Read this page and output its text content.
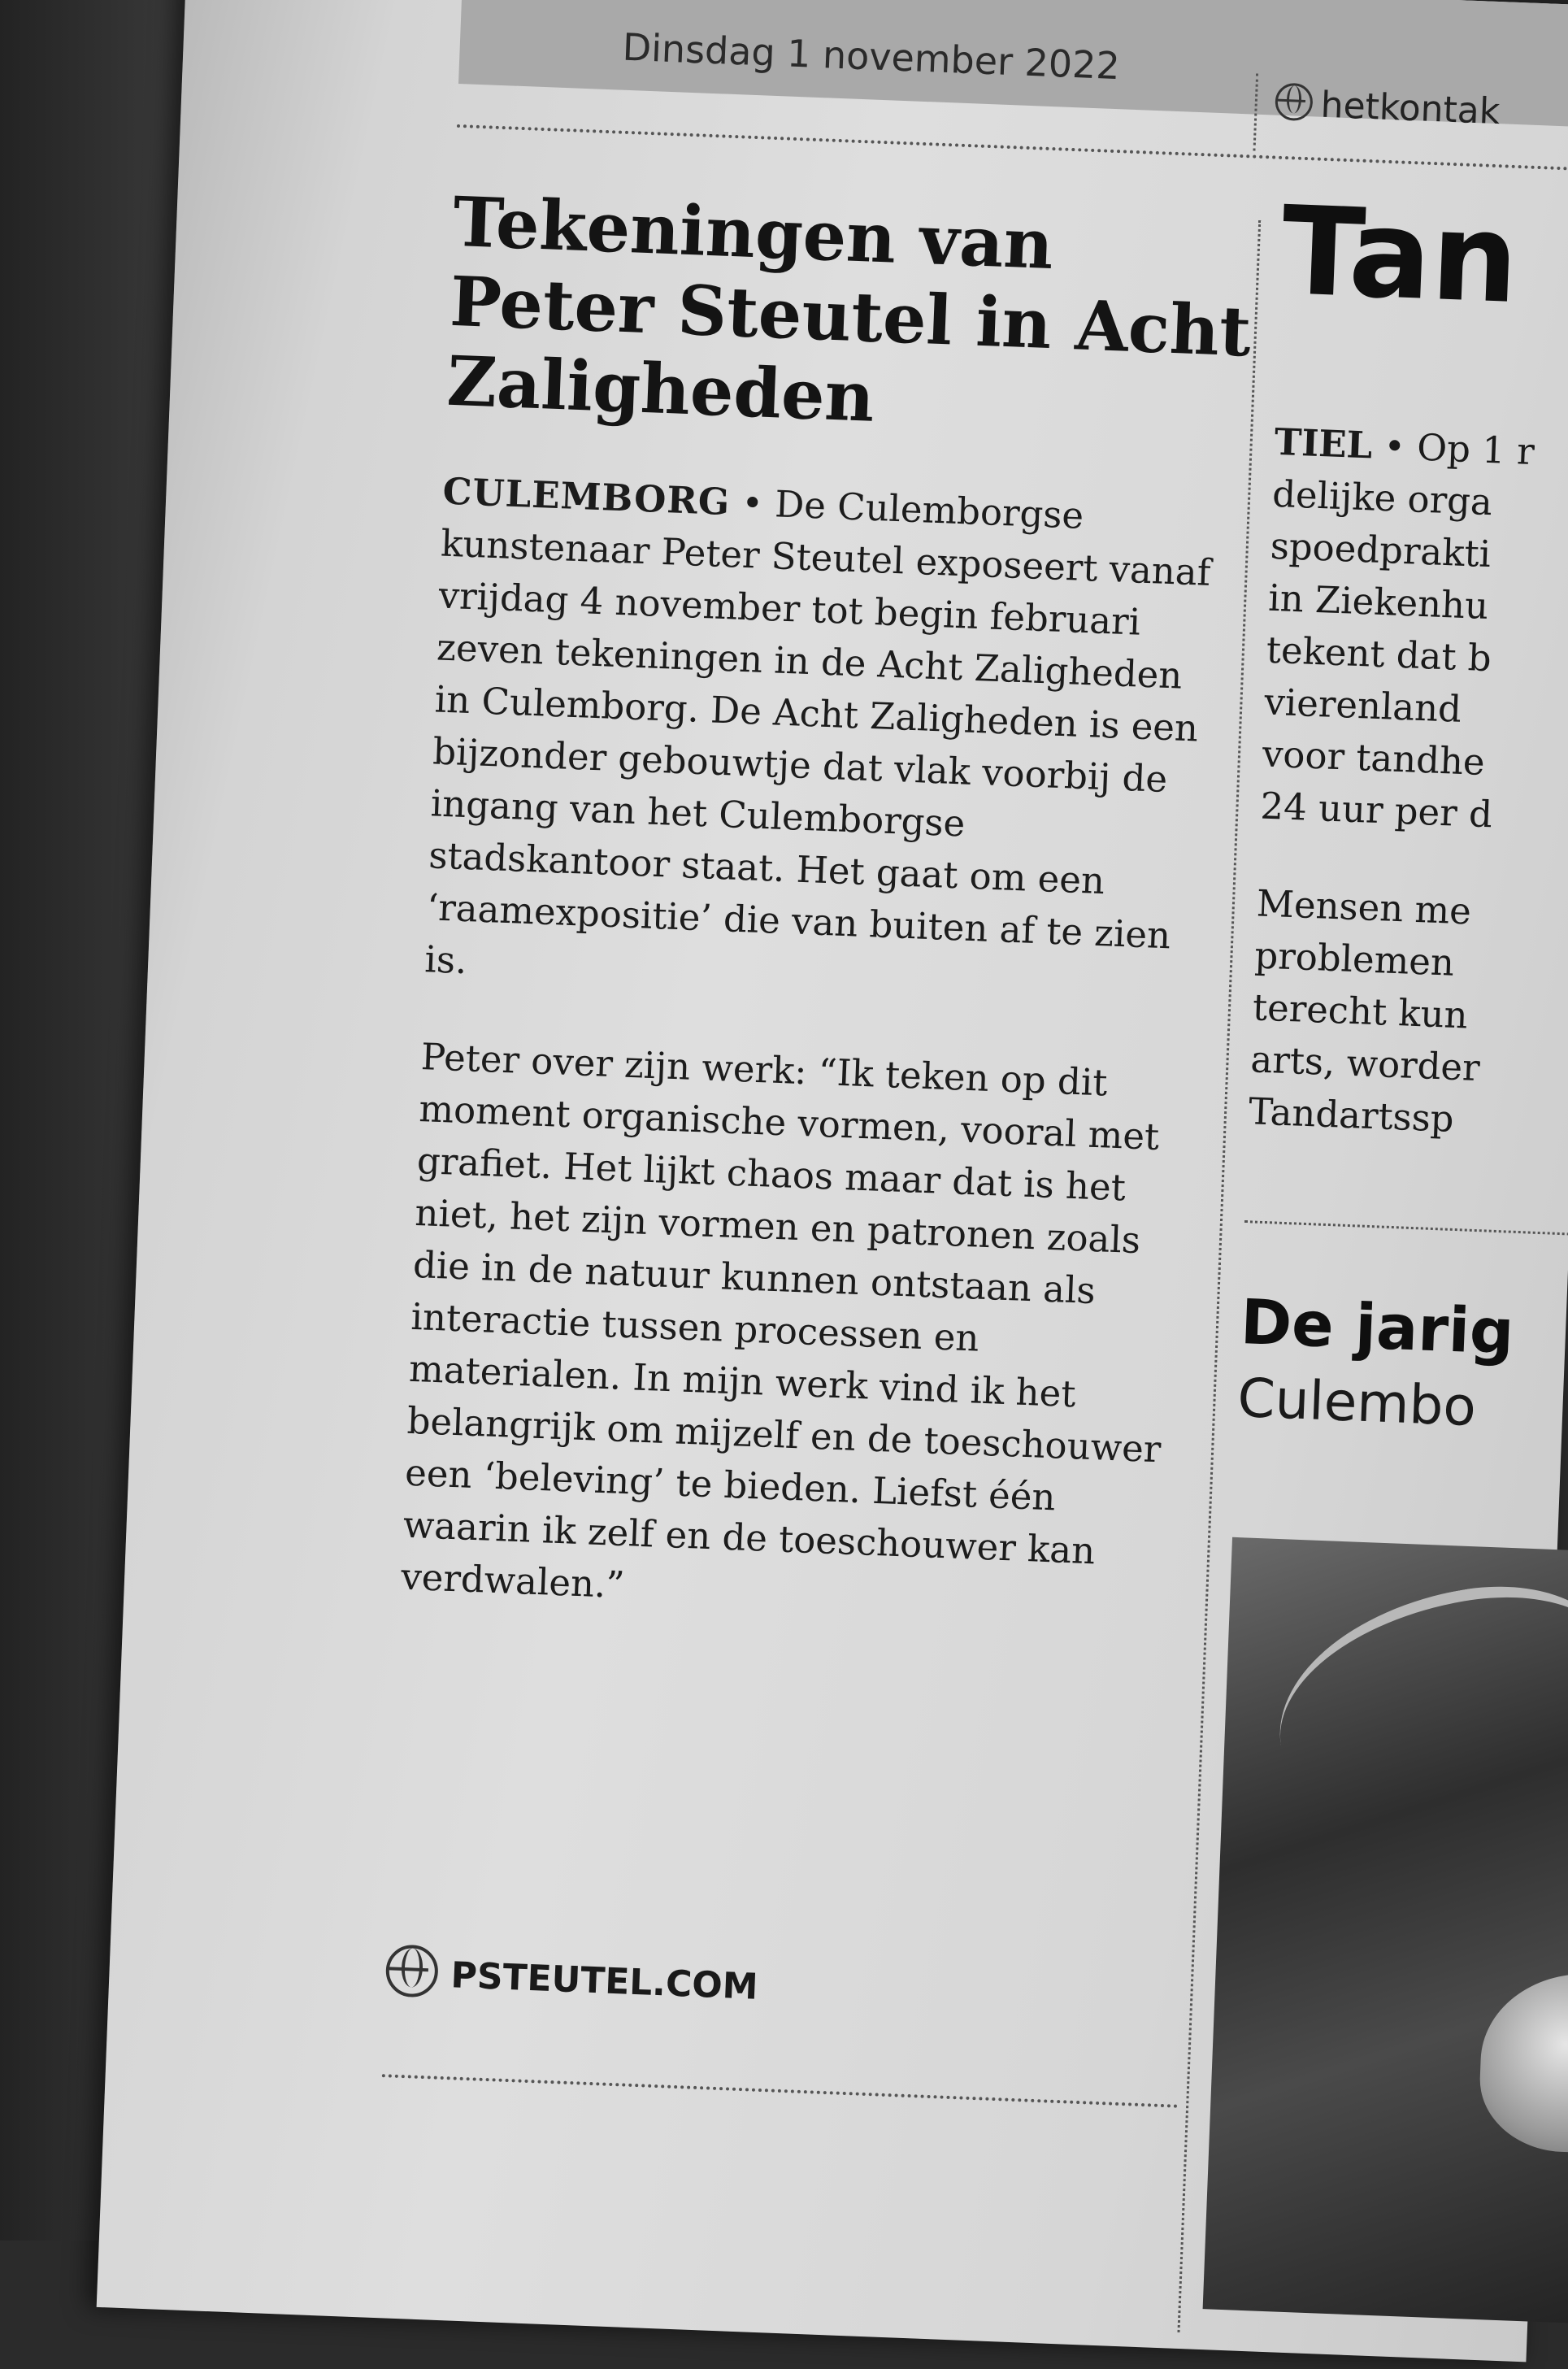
Dinsdag 1 november 2022
hetkontak
Tekeningen van Peter Steutel in Acht Zaligheden

CULEMBORG • De Culemborgse kunstenaar Peter Steutel exposeert vanaf vrijdag 4 november tot begin februari zeven tekeningen in de Acht Zaligheden in Culemborg. De Acht Zaligheden is een bijzonder gebouwtje dat vlak voorbij de ingang van het Culemborgse stadskantoor staat. Het gaat om een ‘raamexpositie’ die van buiten af te zien is.

Peter over zijn werk: “Ik teken op dit moment organische vormen, vooral met grafiet. Het lijkt chaos maar dat is het niet, het zijn vormen en patronen zoals die in de natuur kunnen ontstaan als interactie tussen processen en materialen. In mijn werk vind ik het belangrijk om mijzelf en de toeschouwer een ‘beleving’ te bieden. Liefst één waarin ik zelf en de toeschouwer kan verdwalen.”

PSTEUTEL.COM
Tan

TIEL • Op 1 r
delijke orga
spoedprakti
in Ziekenhu
tekent dat b
vierenland
voor tandhe
24 uur per d

Mensen me
problemen
terecht kun
arts, worder
Tandartssp

De jarig
Culembo
